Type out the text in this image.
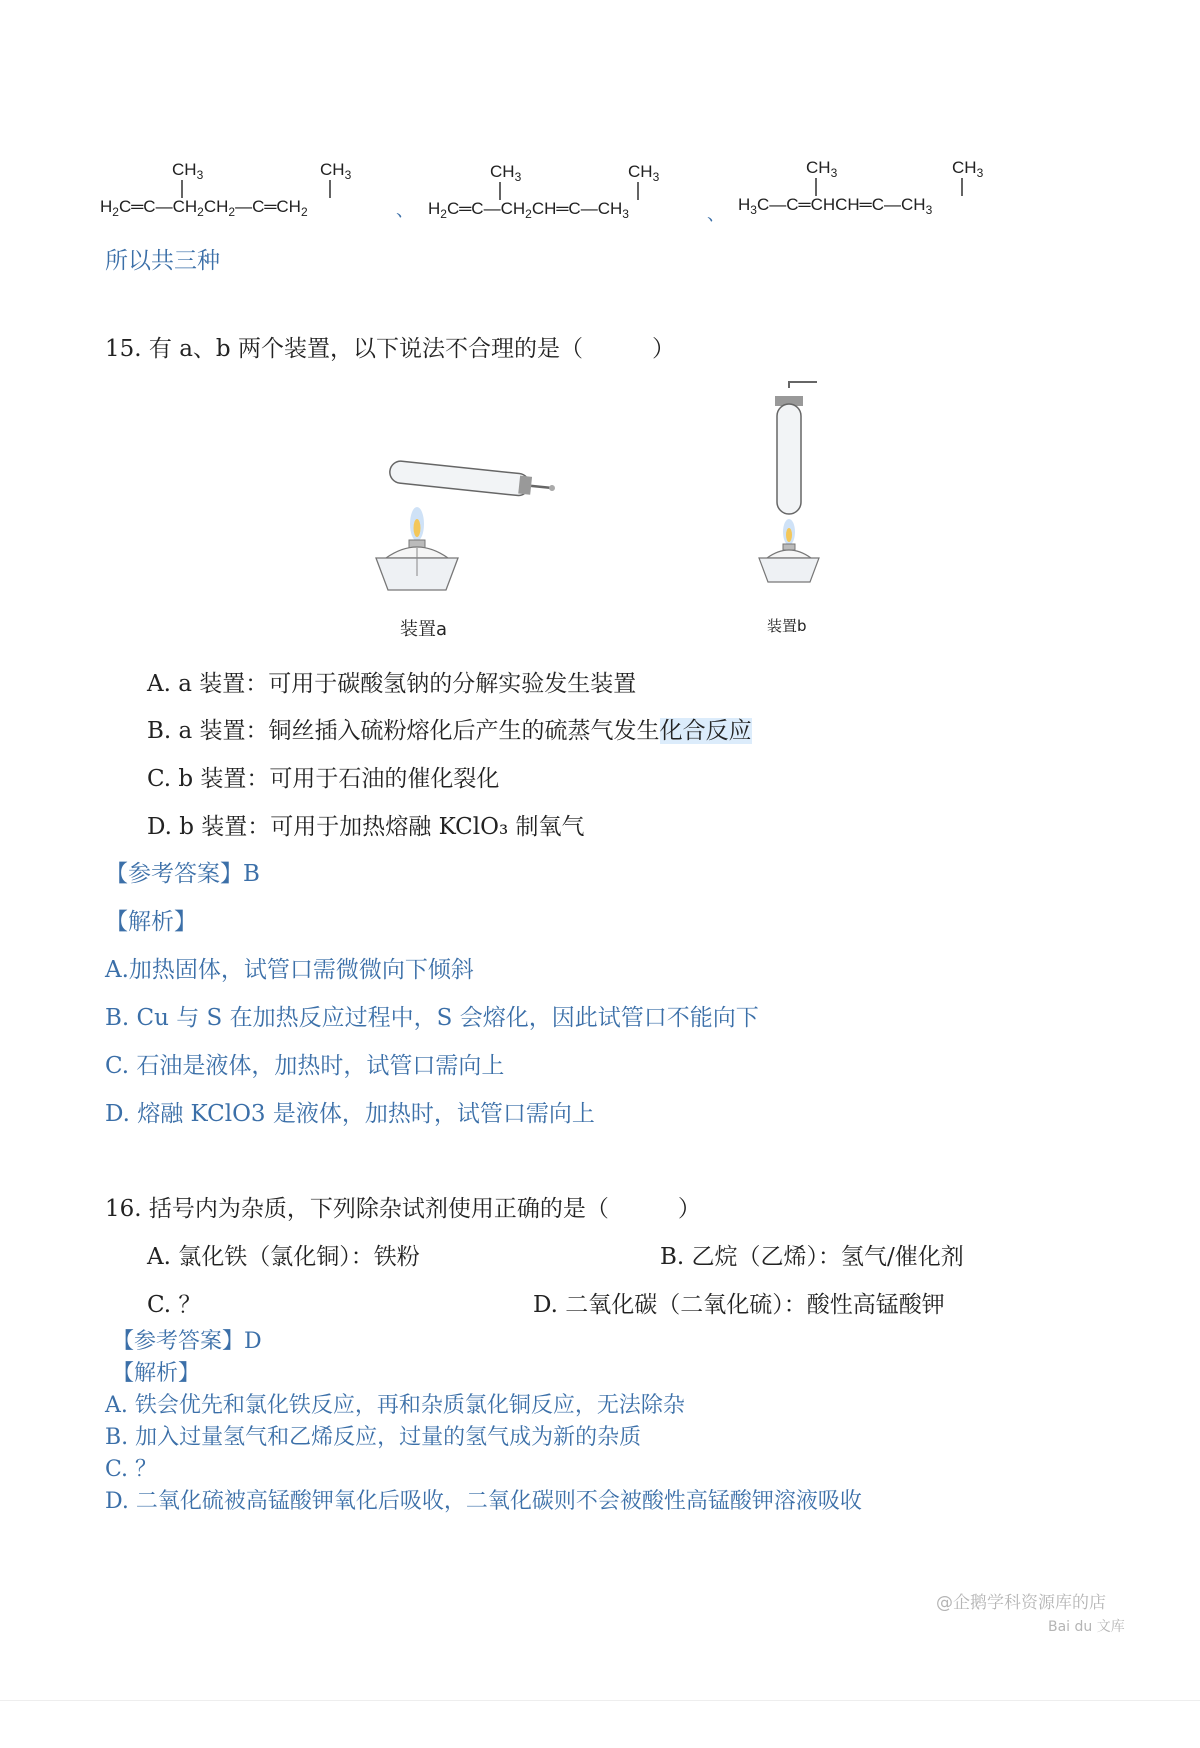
$CH_3$	$CH_3$
$H_2C═C—CH_2CH_2—C═CH_2$	、
$CH_3$	$CH_3$
$H_2C═C—CH_2CH═C—CH_3$	、
$CH_3$	$CH_3$
$H_3C—C═CHCH═C—CH_3$
所以共三种
15. 有 a、b 两个装置，以下说法不合理的是（　　　）
装置a	装置b
A. a 装置：可用于碳酸氢钠的分解实验发生装置
B. a 装置：铜丝插入硫粉熔化后产生的硫蒸气发生化合反应
C. b 装置：可用于石油的催化裂化
D. b 装置：可用于加热熔融 KClO₃ 制氧气
【参考答案】B
【解析】
A.加热固体，试管口需微微向下倾斜
B. Cu 与 S 在加热反应过程中，S 会熔化，因此试管口不能向下
C. 石油是液体，加热时，试管口需向上
D. 熔融 KClO3 是液体，加热时，试管口需向上
16. 括号内为杂质，下列除杂试剂使用正确的是（　　　）
A. 氯化铁（氯化铜）：铁粉	B. 乙烷（乙烯）：氢气/催化剂
C. ？	D. 二氧化碳（二氧化硫）：酸性高锰酸钾
【参考答案】D
【解析】
A. 铁会优先和氯化铁反应，再和杂质氯化铜反应，无法除杂
B. 加入过量氢气和乙烯反应，过量的氢气成为新的杂质
C. ？
D. 二氧化硫被高锰酸钾氧化后吸收，二氧化碳则不会被酸性高锰酸钾溶液吸收
@企鹅学科资源库的店
Bai du 文库
